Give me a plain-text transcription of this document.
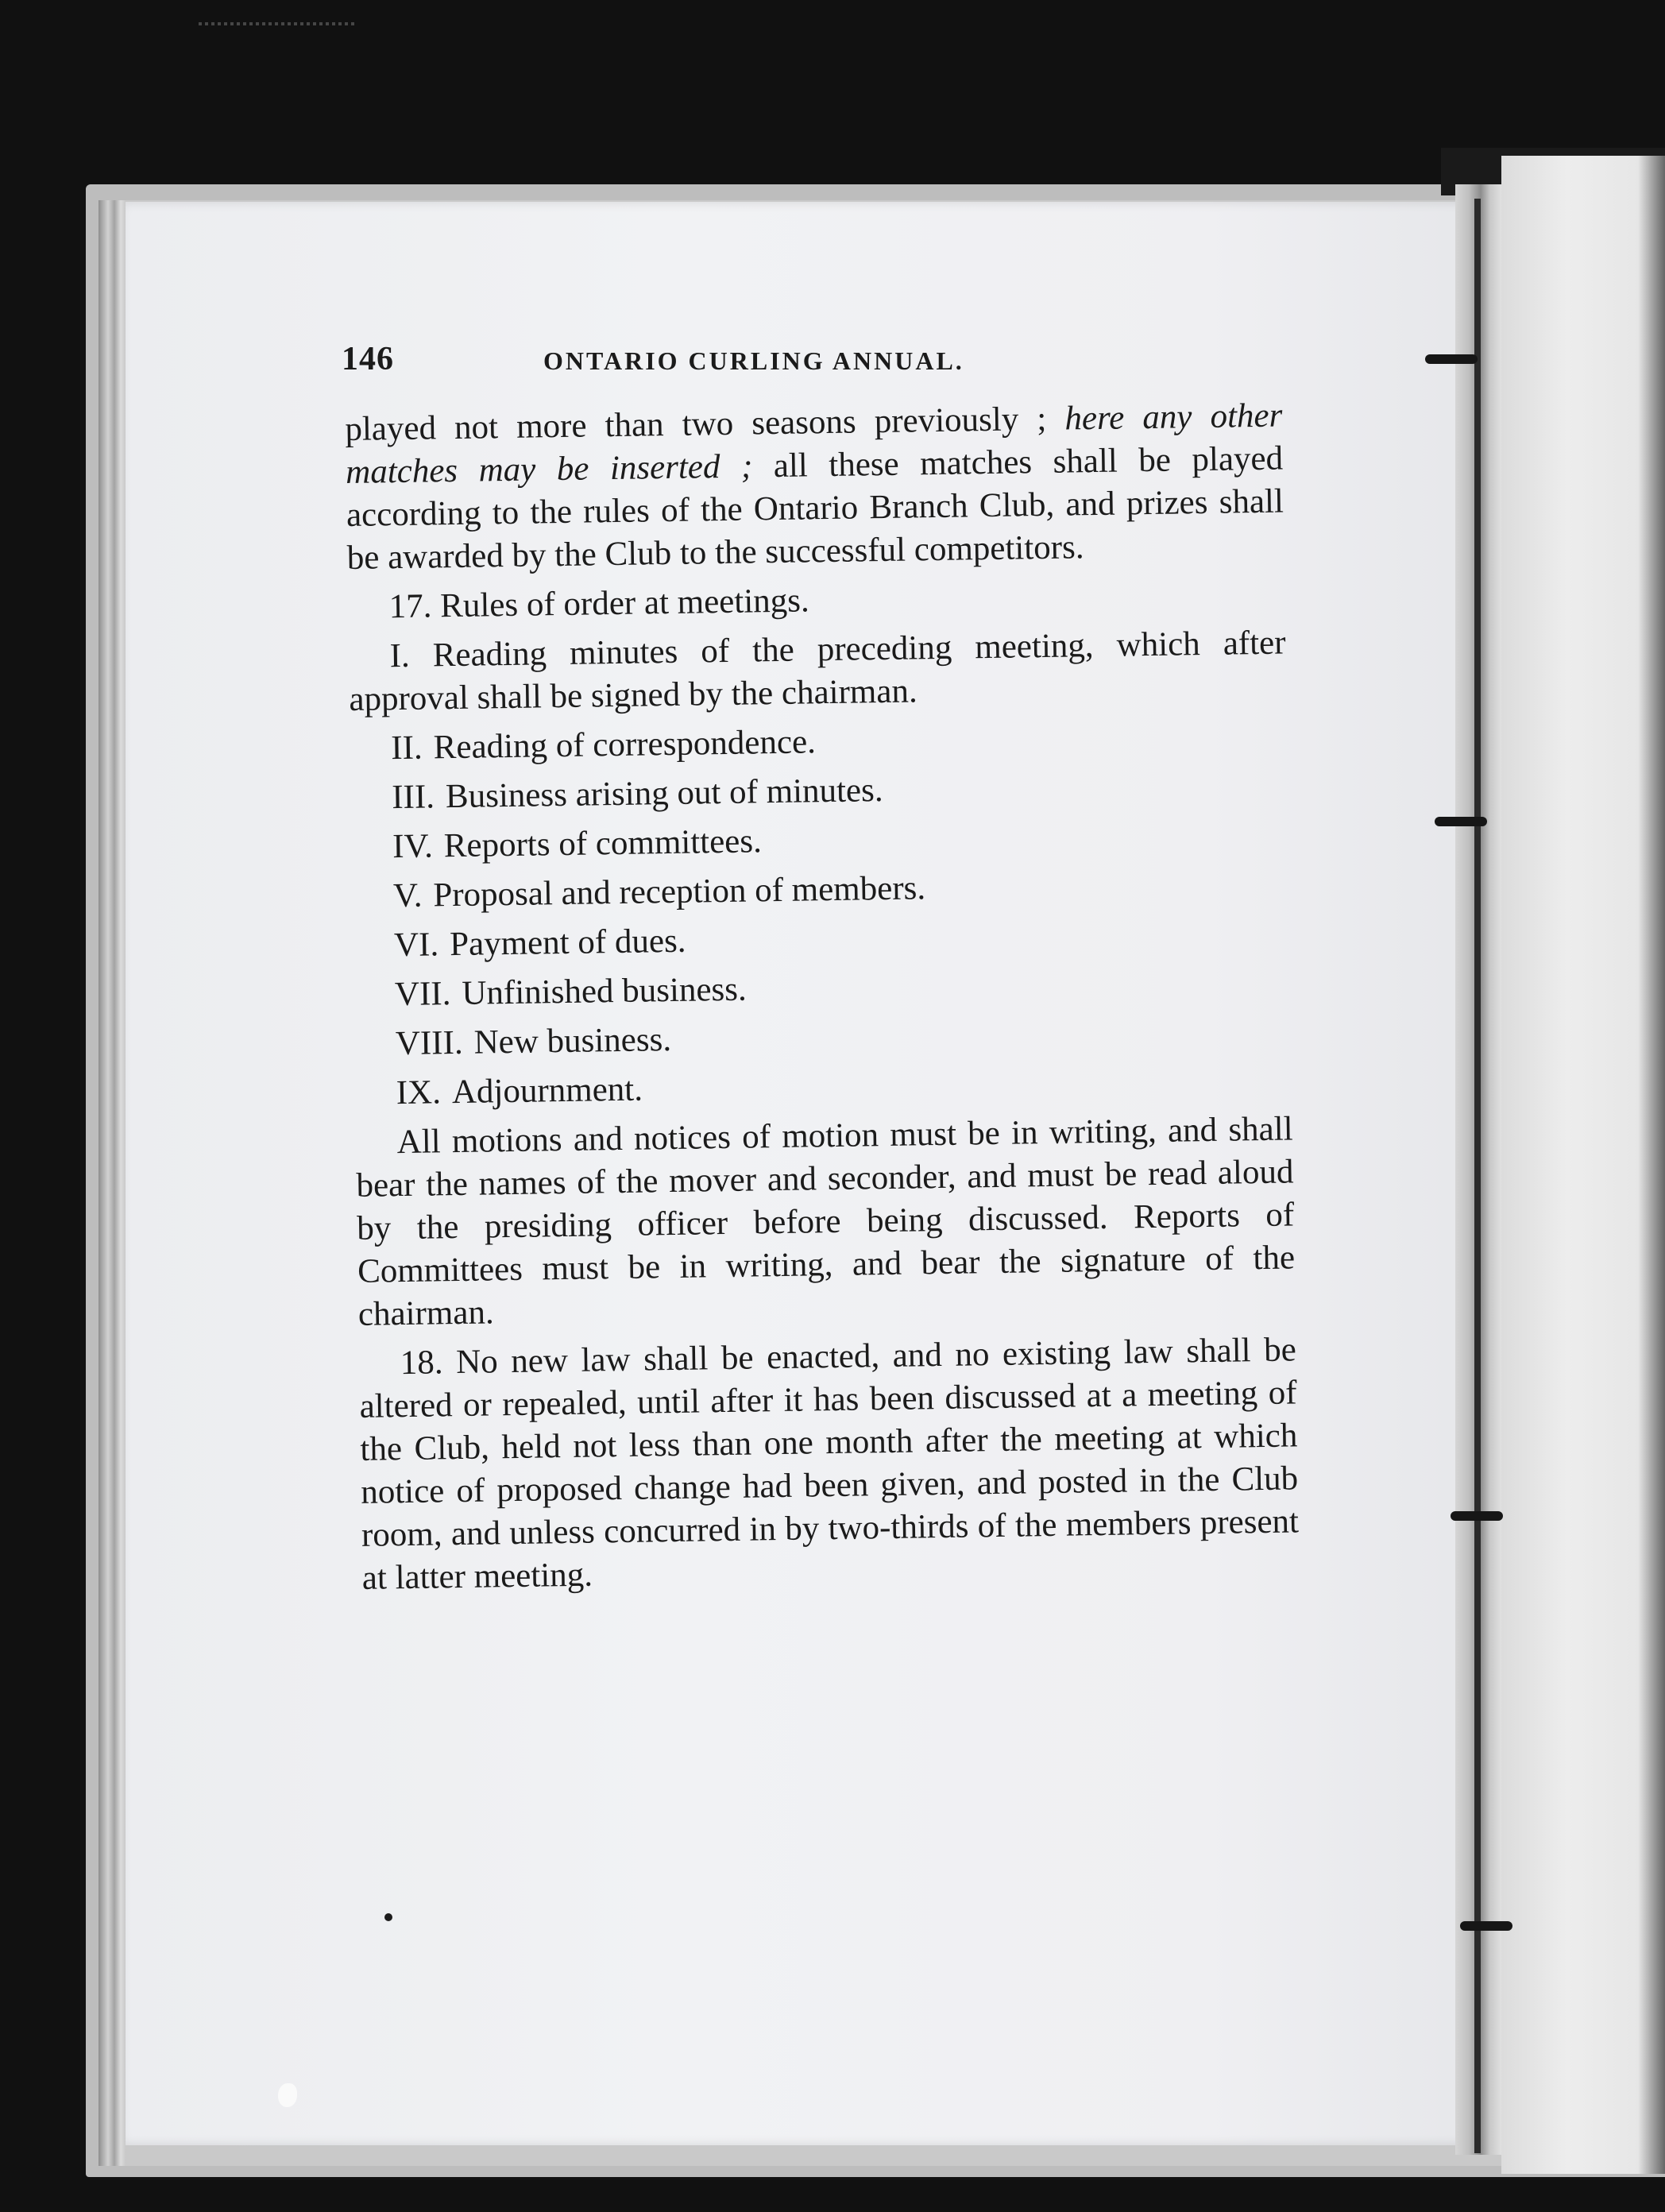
146	ONTARIO CURLING ANNUAL.

played not more than two seasons previously ; here any other matches may be inserted ; all these matches shall be played according to the rules of the Ontario Branch Club, and prizes shall be awarded by the Club to the successful competitors.

17. Rules of order at meetings.

I. Reading minutes of the preceding meeting, which after approval shall be signed by the chairman.

II. Reading of correspondence.

III. Business arising out of minutes.

IV. Reports of committees.

V. Proposal and reception of members.

VI. Payment of dues.

VII. Unfinished business.

VIII. New business.

IX. Adjournment.

All motions and notices of motion must be in writing, and shall bear the names of the mover and seconder, and must be read aloud by the presiding officer before being discussed. Reports of Committees must be in writing, and bear the signature of the chairman.

18. No new law shall be enacted, and no existing law shall be altered or repealed, until after it has been discussed at a meeting of the Club, held not less than one month after the meeting at which notice of proposed change had been given, and posted in the Club room, and unless concurred in by two-thirds of the members present at latter meeting.
